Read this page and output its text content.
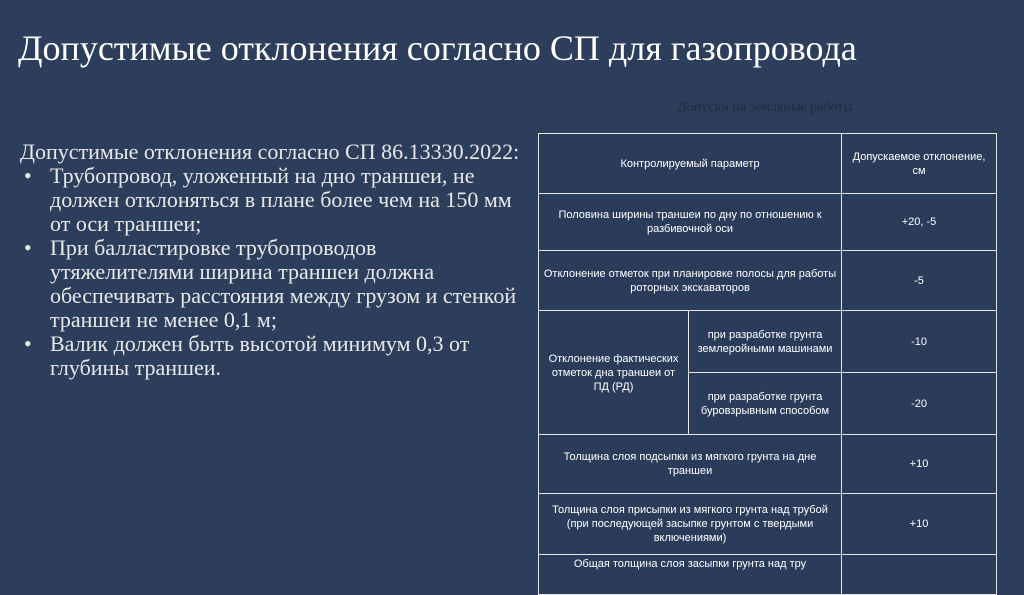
Допустимые отклонения согласно СП для газопровода
Допуски на земляные работы

Допустимые отклонения согласно СП 86.13330.2022:

• Трубопровод, уложенный на дно траншеи, не должен отклоняться в плане более чем на 150 мм от оси траншеи;
• При балластировке трубопроводов утяжелителями ширина траншеи должна обеспечивать расстояния между грузом и стенкой траншеи не менее 0,1 м;
• Валик должен быть высотой минимум 0,3 от глубины траншеи.
Контролируемый параметр		Допускаемое отклонение, см
Половина ширины траншеи по дну по отношению к разбивочной оси		+20, -5
Отклонение отметок при планировке полосы для работы роторных экскаваторов		-5
Отклонение фактических отметок дна траншеи от ПД (РД)	при разработке грунта землеройными машинами	-10
	при разработке грунта буровзрывным способом	-20
Толщина слоя подсыпки из мягкого грунта на дне траншеи		+10
Толщина слоя присыпки из мягкого грунта над трубой (при последующей засыпке грунтом с твердыми включениями)		+10
Общая толщина слоя засыпки грунта над тру		
